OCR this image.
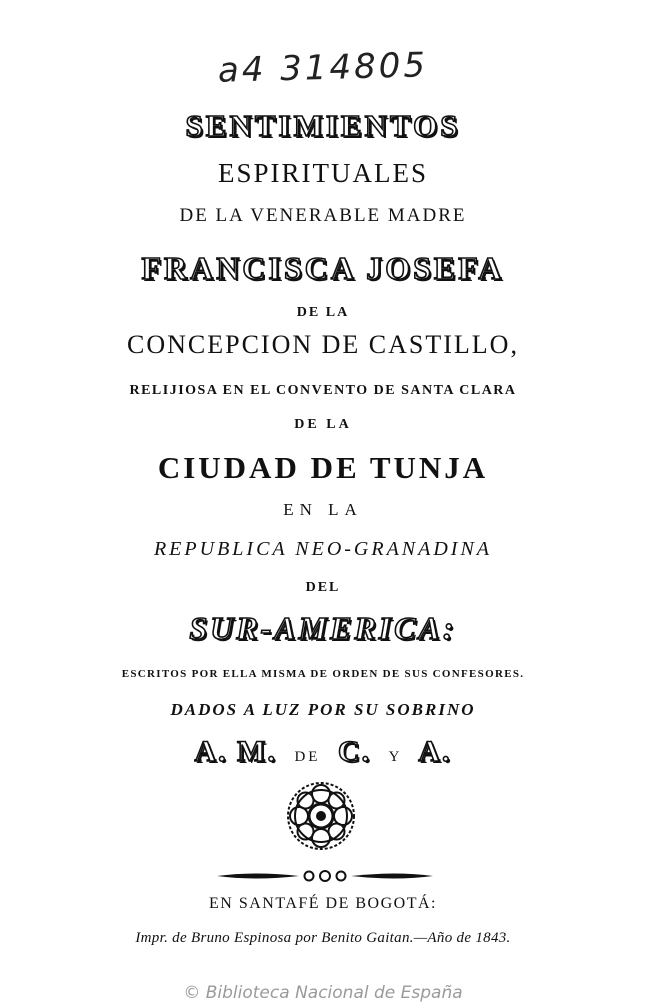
a4 314805
SENTIMIENTOS
ESPIRITUALES
DE LA VENERABLE MADRE
FRANCISCA JOSEFA
DE LA
CONCEPCION DE CASTILLO,
RELIJIOSA EN EL CONVENTO DE SANTA CLARA
DE LA
CIUDAD DE TUNJA
EN LA
REPUBLICA NEO-GRANADINA
DEL
SUR-AMERICA:
ESCRITOS POR ELLA MISMA DE ORDEN DE SUS CONFESORES.
DADOS A LUZ POR SU SOBRINO
A. M. DE C. Y A.
EN SANTAFÉ DE BOGOTÁ:
Impr. de Bruno Espinosa por Benito Gaitan.—Año de 1843.
© Biblioteca Nacional de España
